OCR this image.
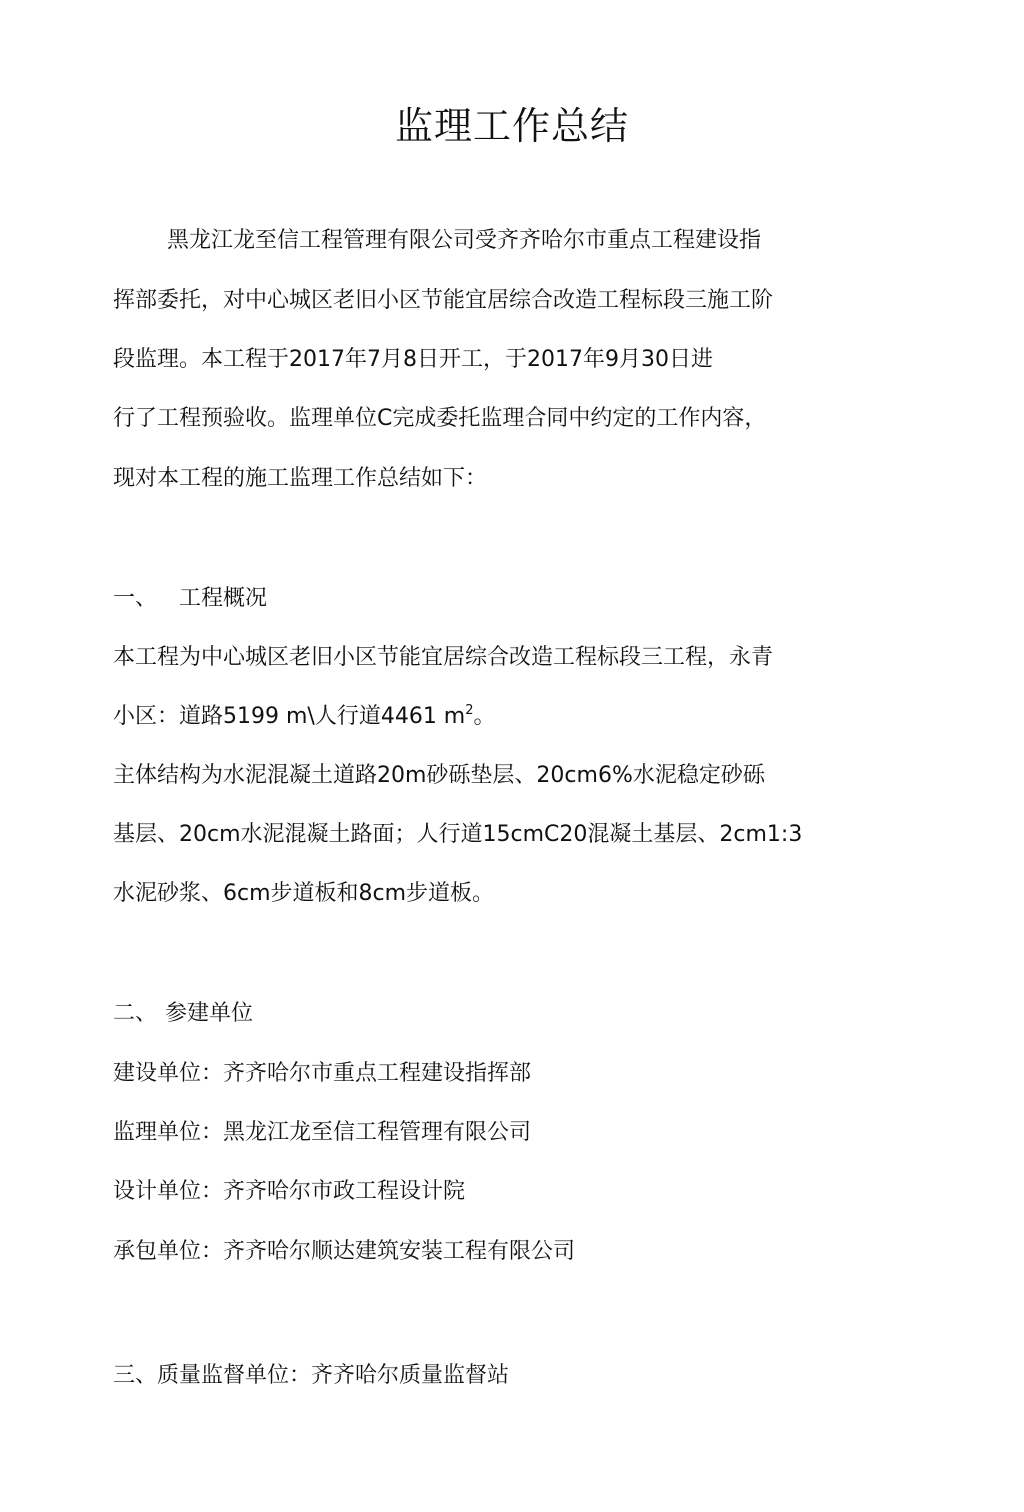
监理工作总结
黑龙江龙至信工程管理有限公司受齐齐哈尔市重点工程建设指
挥部委托，对中心城区老旧小区节能宜居综合改造工程标段三施工阶
段监理。本工程于2017年7月8日开工，于2017年9月30日进
行了工程预验收。监理单位C完成委托监理合同中约定的工作内容，
现对本工程的施工监理工作总结如下：
一、 工程概况
本工程为中心城区老旧小区节能宜居综合改造工程标段三工程，永青
小区：道路5199 m\人行道4461 $m^2$。
主体结构为水泥混凝土道路20m砂砾垫层、20cm6%水泥稳定砂砾
基层、20cm水泥混凝土路面；人行道15cmC20混凝土基层、2cm1:3
水泥砂浆、6cm步道板和8cm步道板。
二、 参建单位
建设单位：齐齐哈尔市重点工程建设指挥部
监理单位：黑龙江龙至信工程管理有限公司
设计单位：齐齐哈尔市政工程设计院
承包单位：齐齐哈尔顺达建筑安装工程有限公司
三、质量监督单位：齐齐哈尔质量监督站
